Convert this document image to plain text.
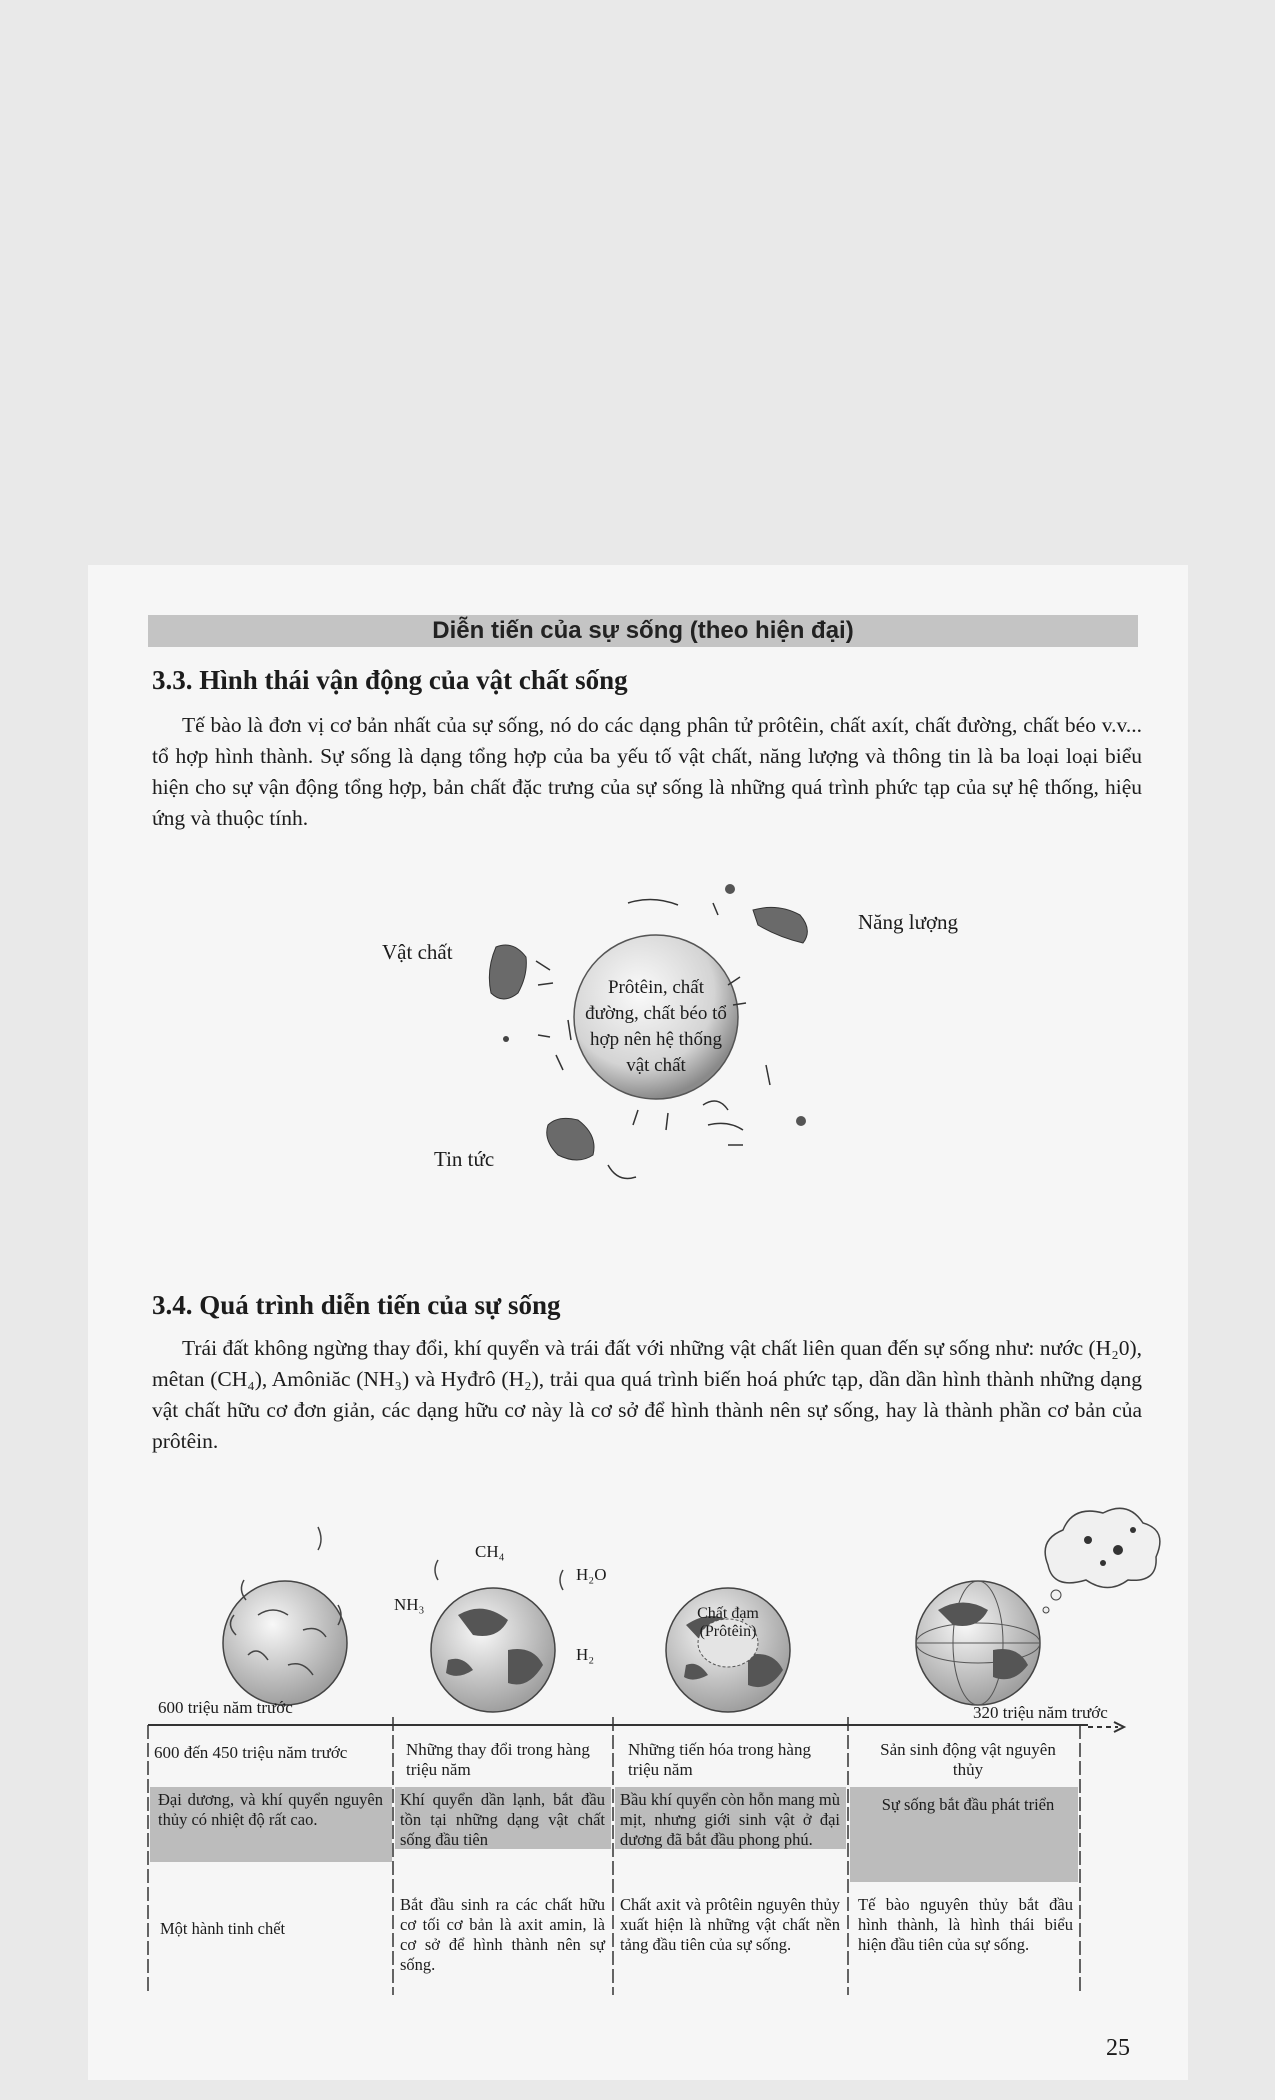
Diễn tiến của sự sống (theo hiện đại)
3.3. Hình thái vận động của vật chất sống
Tế bào là đơn vị cơ bản nhất của sự sống, nó do các dạng phân tử prôtêin, chất axít, chất đường, chất béo v.v... tổ hợp hình thành. Sự sống là dạng tổng hợp của ba yếu tố vật chất, năng lượng và thông tin là ba loại loại biểu hiện cho sự vận động tổng hợp, bản chất đặc trưng của sự sống là những quá trình phức tạp của sự hệ thống, hiệu ứng và thuộc tính.
Vật chất
Năng lượng
Tin tức
Prôtêin, chất đường, chất béo tổ hợp nên hệ thống vật chất
3.4. Quá trình diễn tiến của sự sống
Trái đất không ngừng thay đổi, khí quyển và trái đất với những vật chất liên quan đến sự sống như: nước (H₂0), mêtan (CH₄), Amôniăc (NH₃) và Hyđrô (H₂), trải qua quá trình biến hoá phức tạp, dần dần hình thành những dạng vật chất hữu cơ đơn giản, các dạng hữu cơ này là cơ sở để hình thành nên sự sống, hay là thành phần cơ bản của prôtêin.
CH₄
H₂O
NH₃
H₂
Chất đạm (Prôtêin)
600 triệu năm trước	320 triệu năm trước
600 đến 450 triệu năm trước	Những thay đổi trong hàng triệu năm
Những tiến hóa trong hàng triệu năm
Sản sinh động vật nguyên thủy
Đại dương, và khí quyển nguyên thủy có nhiệt độ rất cao.
Khí quyển dần lạnh, bắt đầu tồn tại những dạng vật chất sống đầu tiên
Bầu khí quyển còn hỗn mang mù mịt, nhưng giới sinh vật ở đại dương đã bắt đầu phong phú.
Sự sống bắt đầu phát triển
Một hành tinh chết
Bắt đầu sinh ra các chất hữu cơ tối cơ bản là axit amin, là cơ sở để hình thành nên sự sống.
Chất axit và prôtêin nguyên thủy xuất hiện là những vật chất nền tảng đầu tiên của sự sống.
Tế bào nguyên thủy bắt đầu hình thành, là hình thái biểu hiện đầu tiên của sự sống.
25
